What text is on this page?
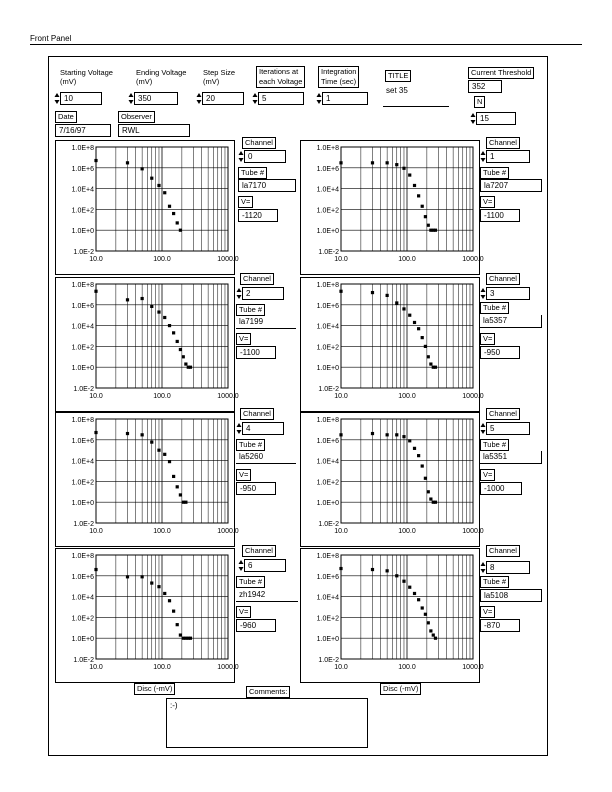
Front Panel
Starting Voltage
(mV)
10
Ending Voltage
(mV)
350
Step Size
(mV)
20
Iterations at
each Voltage
5
Integration
Time (sec)
1
TITLE
set 35
Current Threshold
352
N
15
Date
7/16/97
Observer
RWL
1.0E+8
1.0E+6
1.0E+4
1.0E+2
1.0E+0
1.0E-2
10.0	100.0	1000.0
1.0E+8
1.0E+6
1.0E+4
1.0E+2
1.0E+0
1.0E-2
10.0	100.0	1000.0
1.0E+8
1.0E+6
1.0E+4
1.0E+2
1.0E+0
1.0E-2
10.0	100.0	1000.0
1.0E+8
1.0E+6
1.0E+4
1.0E+2
1.0E+0
1.0E-2
10.0	100.0	1000.0
1.0E+8
1.0E+6
1.0E+4
1.0E+2
1.0E+0
1.0E-2
10.0	100.0	1000.0
1.0E+8
1.0E+6
1.0E+4
1.0E+2
1.0E+0
1.0E-2
10.0	100.0	1000.0
1.0E+8
1.0E+6
1.0E+4
1.0E+2
1.0E+0
1.0E-2
10.0	100.0	1000.0
1.0E+8
1.0E+6
1.0E+4
1.0E+2
1.0E+0
1.0E-2
10.0	100.0	1000.0
Channel
0
Tube #
la7170
V=
-1120
Channel
2
Tube #
la7199
V=
-1100
Channel
4
Tube #
la5260
V=
-950
Channel
6
Tube #
zh1942
V=
-960
Channel
1
Tube #
la7207
V=
-1100
Channel
3
Tube #
la5357
V=
-950
Channel
5
Tube #
la5351
V=
-1000
Channel
8
Tube #
la5108
V=
-870
Disc (-mV)	Disc (-mV)
Comments:
:-)
